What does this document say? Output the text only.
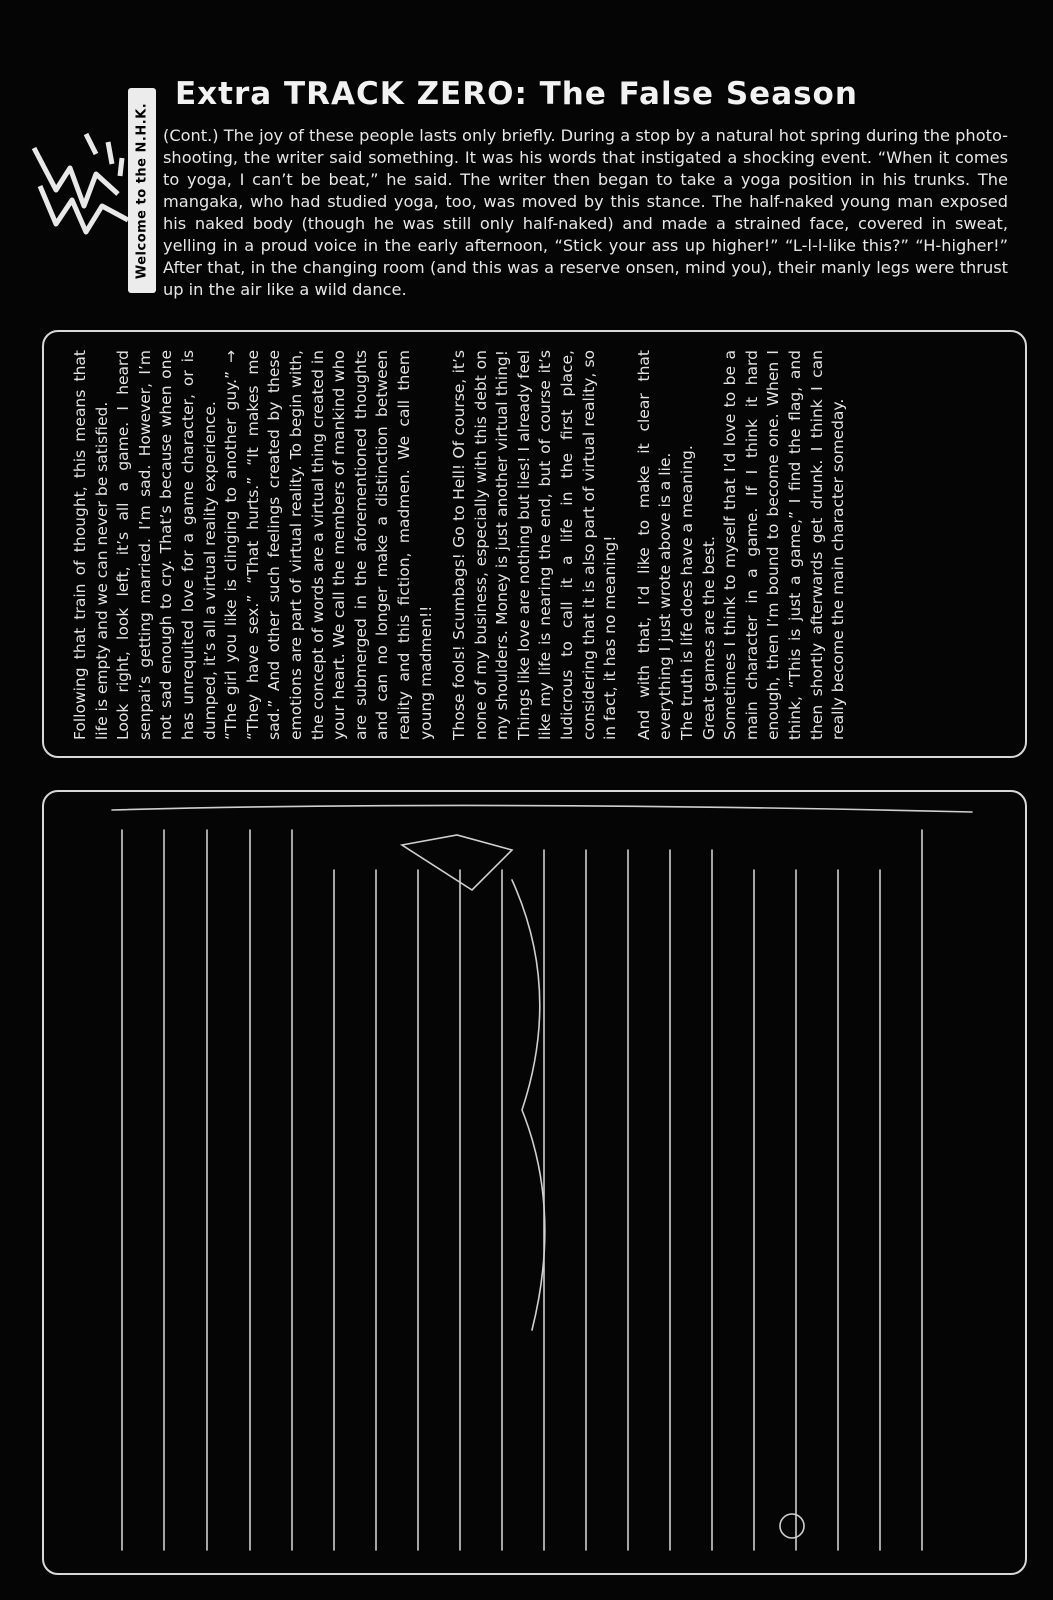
Welcome to the N.H.K.
Extra TRACK ZERO: The False Season

(Cont.) The joy of these people lasts only briefly. During a stop by a natural hot spring during the photo-shooting, the writer said something. It was his words that instigated a shocking event. “When it comes to yoga, I can’t be beat,” he said. The writer then began to take a yoga position in his trunks. The mangaka, who had studied yoga, too, was moved by this stance. The half-naked young man exposed his naked body (though he was still only half-naked) and made a strained face, covered in sweat, yelling in a proud voice in the early afternoon, “Stick your ass up higher!” “L-l-l-like this?” “H-higher!” After that, in the changing room (and this was a reserve onsen, mind you), their manly legs were thrust up in the air like a wild dance.

Following that train of thought, this means that life is empty and we can never be satisfied.
Look right, look left, it’s all a game. I heard senpai’s getting married. I’m sad. However, I’m not sad enough to cry. That’s because when one has unrequited love for a game character, or is dumped, it’s all a virtual reality experience.
“The girl you like is clinging to another guy.” → “They have sex.” “That hurts.” “It makes me sad.” And other such feelings created by these emotions are part of virtual reality. To begin with, the concept of words are a virtual thing created in your heart. We call the members of mankind who are submerged in the aforementioned thoughts and can no longer make a distinction between reality and this fiction, madmen. We call them young madmen!! Those fools! Scumbags! Go to Hell! Of course, it’s none of my business, especially with this debt on my shoulders. Money is just another virtual thing! Things like love are nothing but lies! I already feel like my life is nearing the end, but of course it’s ludicrous to call it a life in the first place, considering that it is also part of virtual reality, so in fact, it has no meaning! And with that, I’d like to make it clear that everything I just wrote above is a lie.
The truth is life does have a meaning.
Great games are the best.
Sometimes I think to myself that I’d love to be a main character in a game. If I think it hard enough, then I’m bound to become one. When I think, “This is just a game,” I find the flag, and then shortly afterwards get drunk. I think I can really become the main character someday.
